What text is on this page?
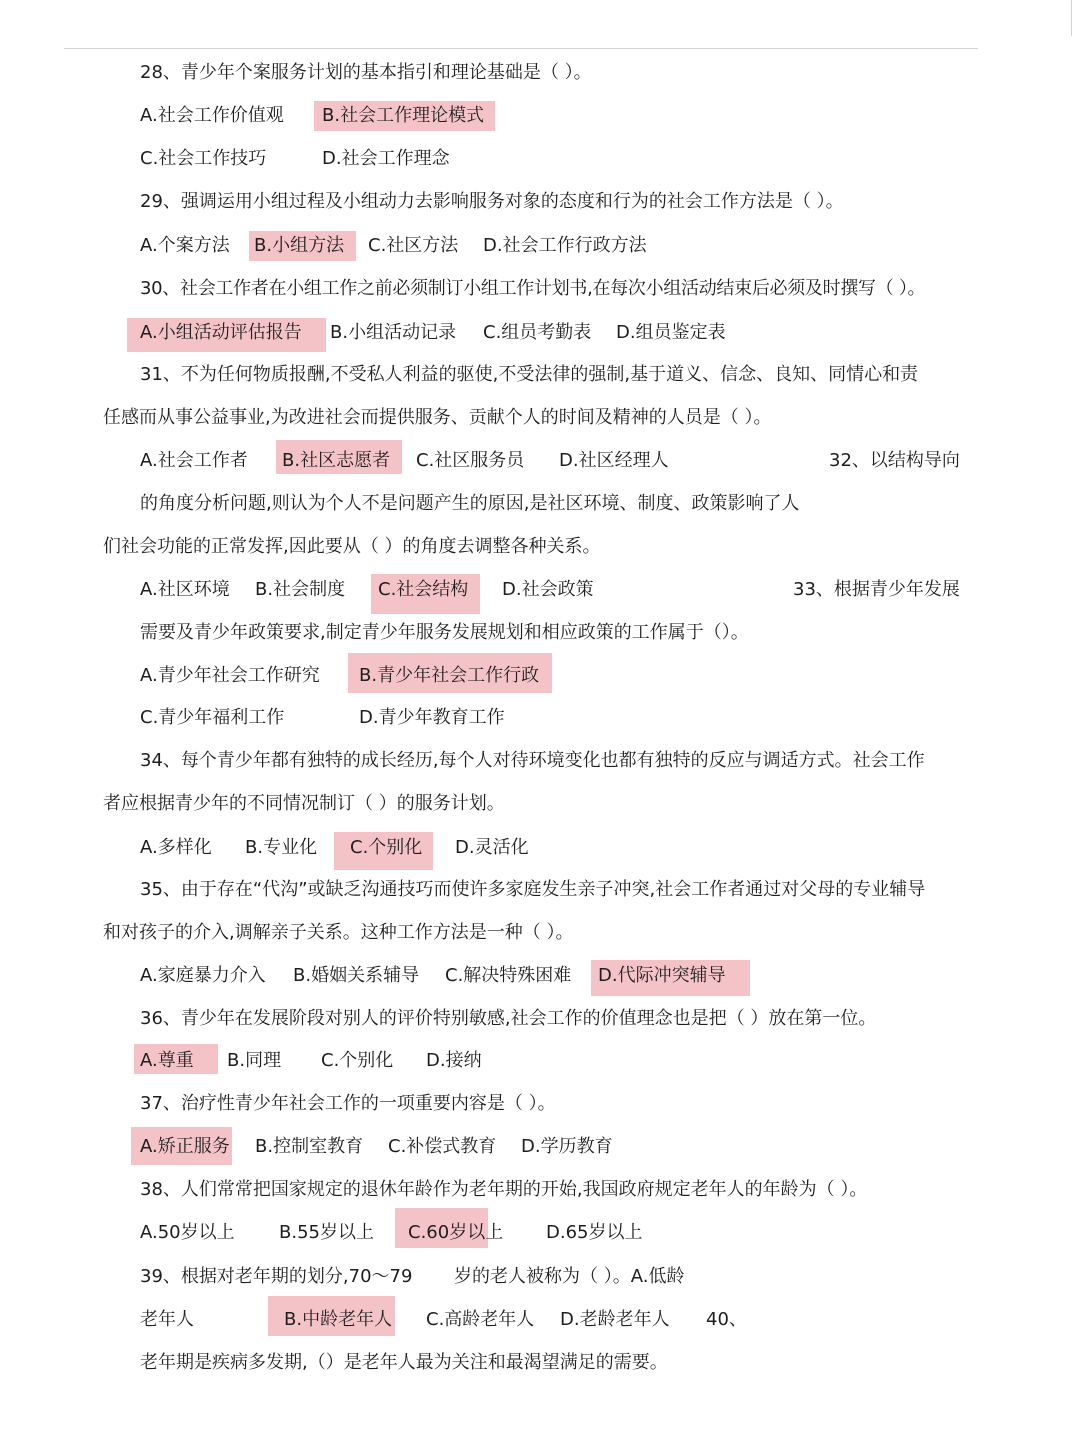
28、青少年个案服务计划的基本指引和理论基础是（ ）。
A.社会工作价值观 B.社会工作理论模式
C.社会工作技巧	D.社会工作理念
29、强调运用小组过程及小组动力去影响服务对象的态度和行为的社会工作方法是（ ）。
A.个案方法 B.小组方法 C.社区方法 D.社会工作行政方法
30、社会工作者在小组工作之前必须制订小组工作计划书,在每次小组活动结束后必须及时撰写（ ）。
A.小组活动评估报告 B.小组活动记录 C.组员考勤表 D.组员鉴定表
31、不为任何物质报酬,不受私人利益的驱使,不受法律的强制,基于道义、信念、良知、同情心和责
任感而从事公益事业,为改进社会而提供服务、贡献个人的时间及精神的人员是（ ）。
A.社会工作者 B.社区志愿者 C.社区服务员 D.社区经理人	32、以结构导向
的角度分析问题,则认为个人不是问题产生的原因,是社区环境、制度、政策影响了人
们社会功能的正常发挥,因此要从（ ）的角度去调整各种关系。
A.社区环境 B.社会制度 C.社会结构 D.社会政策	33、根据青少年发展
需要及青少年政策要求,制定青少年服务发展规划和相应政策的工作属于（）。
A.青少年社会工作研究 B.青少年社会工作行政
C.青少年福利工作	D.青少年教育工作
34、每个青少年都有独特的成长经历,每个人对待环境变化也都有独特的反应与调适方式。社会工作
者应根据青少年的不同情况制订（ ）的服务计划。
A.多样化 B.专业化 C.个别化 D.灵活化
35、由于存在“代沟”或缺乏沟通技巧而使许多家庭发生亲子冲突,社会工作者通过对父母的专业辅导
和对孩子的介入,调解亲子关系。这种工作方法是一种（ ）。
A.家庭暴力介入 B.婚姻关系辅导 C.解决特殊困难 D.代际冲突辅导
36、青少年在发展阶段对别人的评价特别敏感,社会工作的价值理念也是把（ ）放在第一位。
A.尊重 B.同理 C.个别化 D.接纳
37、治疗性青少年社会工作的一项重要内容是（ ）。
A.矫正服务 B.控制室教育 C.补偿式教育 D.学历教育
38、人们常常把国家规定的退休年龄作为老年期的开始,我国政府规定老年人的年龄为（ ）。
A.50岁以上 B.55岁以上 C.60岁以上 D.65岁以上
39、根据对老年期的划分,70～79 岁的老人被称为（ ）。A.低龄
老年人	B.中龄老年人 C.高龄老年人 D.老龄老年人 40、
老年期是疾病多发期,（）是老年人最为关注和最渴望满足的需要。
